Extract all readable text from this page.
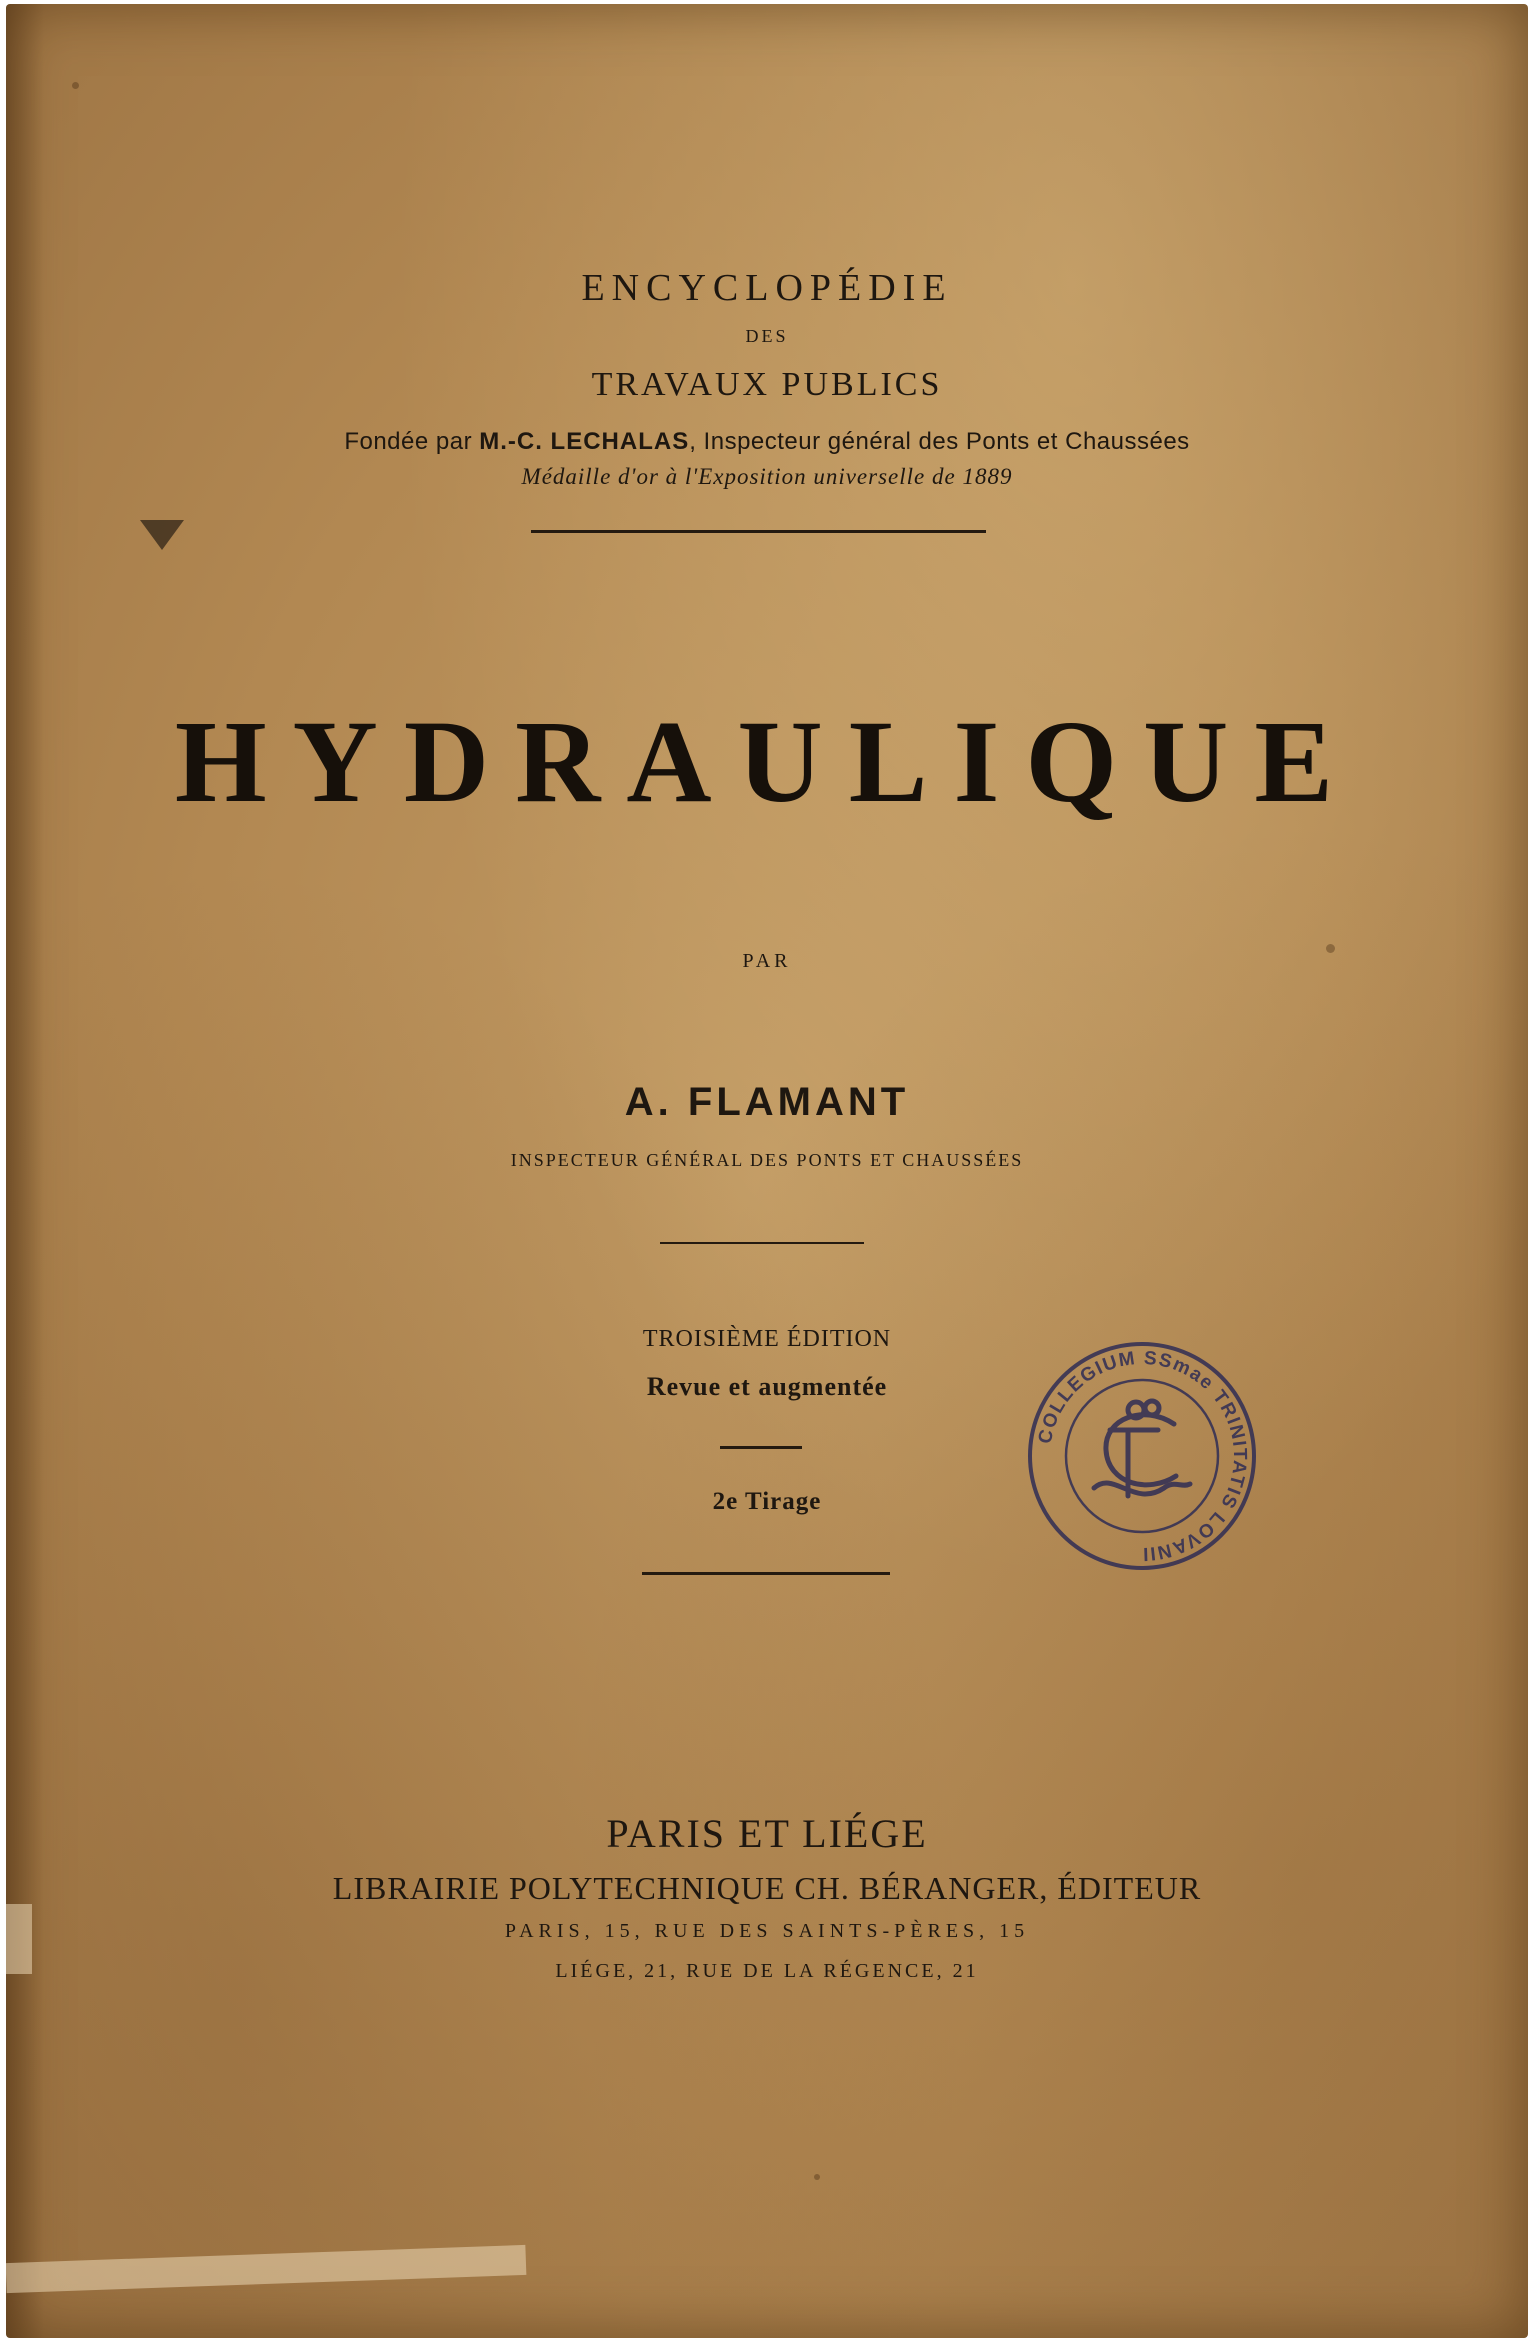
ENCYCLOPÉDIE
DES
TRAVAUX PUBLICS
Fondée par M.-C. LECHALAS, Inspecteur général des Ponts et Chaussées
Médaille d'or à l'Exposition universelle de 1889
HYDRAULIQUE
PAR
A. FLAMANT
INSPECTEUR GÉNÉRAL DES PONTS ET CHAUSSÉES
TROISIÈME ÉDITION
Revue et augmentée
2e Tirage
PARIS ET LIÉGE
LIBRAIRIE POLYTECHNIQUE CH. BÉRANGER, ÉDITEUR
PARIS, 15, RUE DES SAINTS-PÈRES, 15
LIÉGE, 21, RUE DE LA RÉGENCE, 21
COLLEGIUM SSmae TRINITATIS LOVANII
